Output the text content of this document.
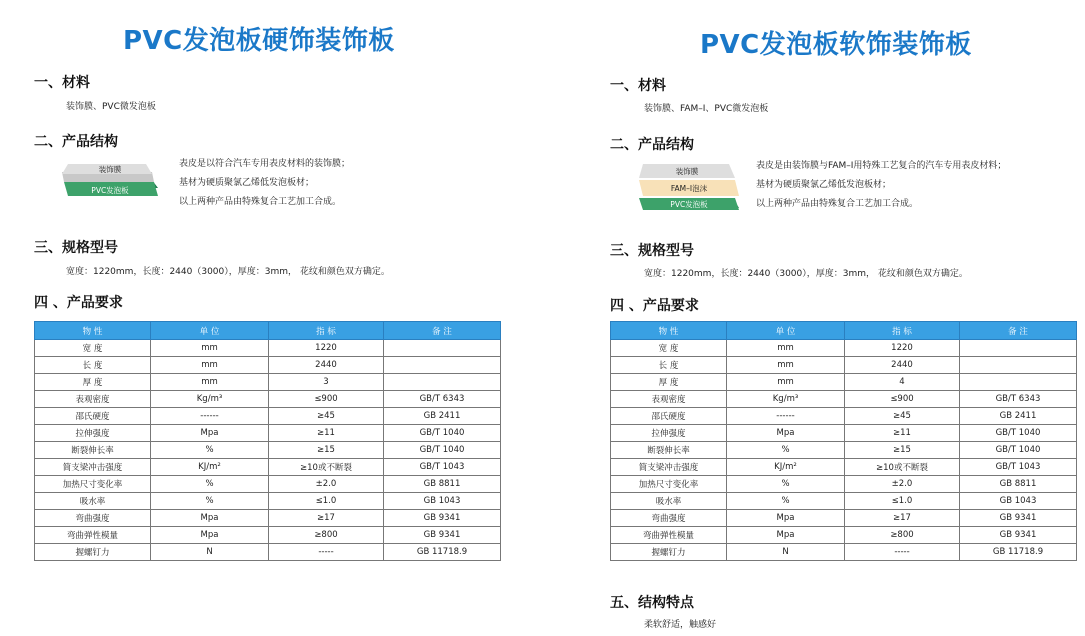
PVC发泡板硬饰装饰板
一、材料
装饰膜、PVC微发泡板
二、产品结构
装饰膜
PVC发泡板
表皮是以符合汽车专用表皮材料的装饰膜；
基材为硬质聚氯乙烯低发泡板材；
以上两种产品由特殊复合工艺加工合成。
三、规格型号
宽度：1220mm，长度：2440（3000），厚度：3mm， 花纹和颜色双方确定。
四 、产品要求
物 性	单 位	指 标	备 注
宽 度	mm	1220	
长 度	mm	2440	
厚 度	mm	3	
表观密度	Kg/m³	≤900	GB/T 6343
邵氏硬度	------	≥45	GB 2411
拉伸强度	Mpa	≥11	GB/T 1040
断裂伸长率	%	≥15	GB/T 1040
简支梁冲击强度	KJ/m²	≥10或不断裂	GB/T 1043
加热尺寸变化率	%	±2.0	GB 8811
吸水率	%	≤1.0	GB 1043
弯曲强度	Mpa	≥17	GB 9341
弯曲弹性模量	Mpa	≥800	GB 9341
握螺钉力	N	-----	GB 11718.9
PVC发泡板软饰装饰板
一、材料
装饰膜、FAM–I、PVC微发泡板
二、产品结构
装饰膜
FAM–I泡沫
PVC发泡板
表皮是由装饰膜与FAM–I用特殊工艺复合的汽车专用表皮材料；
基材为硬质聚氯乙烯低发泡板材；
以上两种产品由特殊复合工艺加工合成。
三、规格型号
宽度：1220mm，长度：2440（3000），厚度：3mm， 花纹和颜色双方确定。
四 、产品要求
物 性	单 位	指 标	备 注
宽 度	mm	1220	
长 度	mm	2440	
厚 度	mm	4	
表观密度	Kg/m³	≤900	GB/T 6343
邵氏硬度	------	≥45	GB 2411
拉伸强度	Mpa	≥11	GB/T 1040
断裂伸长率	%	≥15	GB/T 1040
简支梁冲击强度	KJ/m²	≥10或不断裂	GB/T 1043
加热尺寸变化率	%	±2.0	GB 8811
吸水率	%	≤1.0	GB 1043
弯曲强度	Mpa	≥17	GB 9341
弯曲弹性模量	Mpa	≥800	GB 9341
握螺钉力	N	-----	GB 11718.9
五、结构特点
柔软舒适，触感好
